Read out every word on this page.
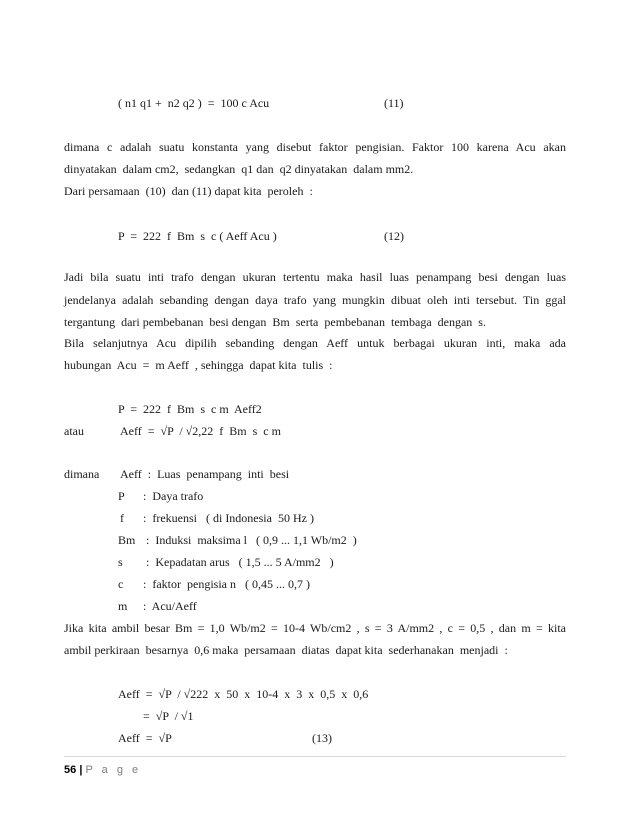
( n1 q1 +  n2 q2 )  =  100 c Acu	(11)
dimana c adalah suatu konstanta yang disebut faktor pengisian. Faktor 100 karena Acu akan
dinyatakan  dalam cm2,  sedangkan  q1 dan  q2 dinyatakan  dalam mm2.
Dari persamaan  (10)  dan (11) dapat kita  peroleh  :
P  =  222  f  Bm  s  c ( Aeff Acu )	(12)
Jadi bila suatu inti trafo dengan ukuran tertentu maka hasil luas penampang besi dengan luas
jendelanya adalah sebanding dengan daya trafo yang mungkin dibuat oleh inti tersebut. Tin ggal
tergantung  dari pembebanan  besi dengan  Bm  serta  pembebanan  tembaga  dengan  s.
Bila selanjutnya Acu dipilih sebanding dengan Aeff untuk berbagai ukuran inti, maka ada
hubungan  Acu  =  m Aeff  , sehingga  dapat kita  tulis  :
P  =  222  f  Bm  s  c m  Aeff2
atau	Aeff  =  √P  / √2,22  f  Bm  s  c m
dimana Aeff  :  Luas  penampang  inti  besi
P :  Daya trafo
f :  frekuensi   ( di Indonesia  50 Hz )
Bm :  Induksi  maksima l   ( 0,9 ... 1,1 Wb/m2  )
s :  Kepadatan arus   ( 1,5 ... 5 A/mm2   )
c :  faktor  pengisia n   ( 0,45 ... 0,7 )
m :  Acu/Aeff
Jika kita ambil besar Bm = 1,0 Wb/m2 = 10-4 Wb/cm2 , s = 3 A/mm2 , c = 0,5 , dan m = kita
ambil perkiraan  besarnya  0,6 maka  persamaan  diatas  dapat kita  sederhanakan  menjadi  :
Aeff  =  √P  / √222  x  50  x  10-4  x  3  x  0,5  x  0,6
=  √P  / √1
Aeff  =  √P	(13)
56 | P a g e
